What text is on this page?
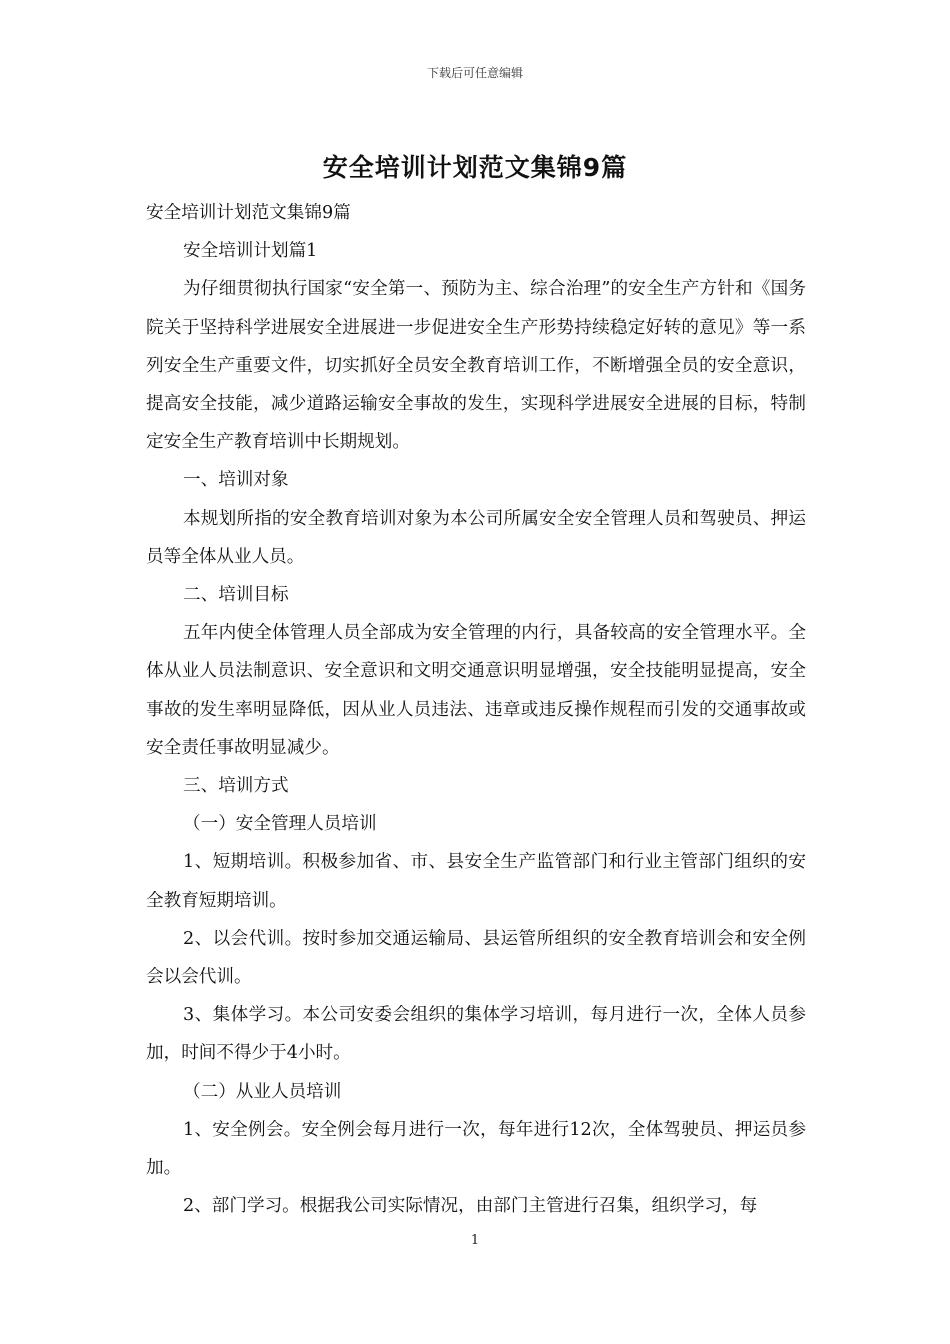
下载后可任意编辑
安全培训计划范文集锦9篇

安全培训计划范文集锦9篇

安全培训计划篇1

为仔细贯彻执行国家“安全第一、预防为主、综合治理”的安全生产方针和《国务院关于坚持科学进展安全进展进一步促进安全生产形势持续稳定好转的意见》等一系列安全生产重要文件，切实抓好全员安全教育培训工作，不断增强全员的安全意识，提高安全技能，减少道路运输安全事故的发生，实现科学进展安全进展的目标，特制定安全生产教育培训中长期规划。

一、培训对象

本规划所指的安全教育培训对象为本公司所属安全安全管理人员和驾驶员、押运员等全体从业人员。

二、培训目标

五年内使全体管理人员全部成为安全管理的内行，具备较高的安全管理水平。全体从业人员法制意识、安全意识和文明交通意识明显增强，安全技能明显提高，安全事故的发生率明显降低，因从业人员违法、违章或违反操作规程而引发的交通事故或安全责任事故明显减少。

三、培训方式

（一）安全管理人员培训

1、短期培训。积极参加省、市、县安全生产监管部门和行业主管部门组织的安全教育短期培训。

2、以会代训。按时参加交通运输局、县运管所组织的安全教育培训会和安全例会以会代训。

3、集体学习。本公司安委会组织的集体学习培训，每月进行一次，全体人员参加，时间不得少于4小时。

（二）从业人员培训

1、安全例会。安全例会每月进行一次，每年进行12次，全体驾驶员、押运员参加。

2、部门学习。根据我公司实际情况，由部门主管进行召集，组织学习，每

1
